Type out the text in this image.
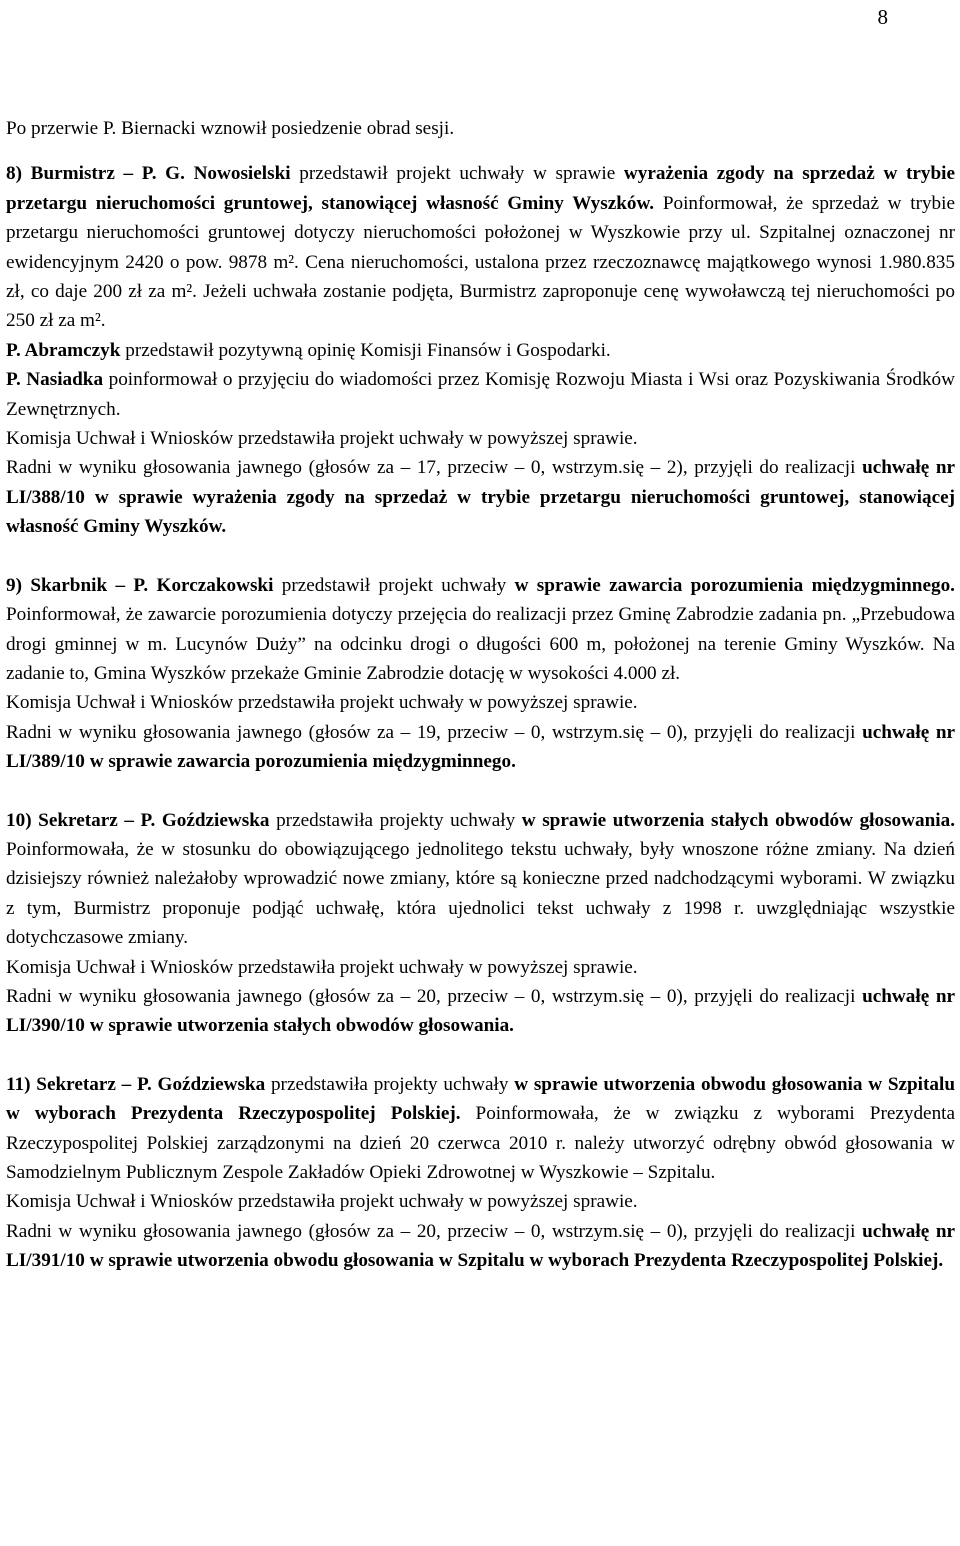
8

Po przerwie P. Biernacki wznowił posiedzenie obrad sesji.

8) Burmistrz – P. G. Nowosielski przedstawił projekt uchwały w sprawie wyrażenia zgody na sprzedaż w trybie przetargu nieruchomości gruntowej, stanowiącej własność Gminy Wyszków. Poinformował, że sprzedaż w trybie przetargu nieruchomości gruntowej dotyczy nieruchomości położonej w Wyszkowie przy ul. Szpitalnej oznaczonej nr ewidencyjnym 2420 o pow. 9878 m². Cena nieruchomości, ustalona przez rzeczoznawcę majątkowego wynosi 1.980.835 zł, co daje 200 zł za m². Jeżeli uchwała zostanie podjęta, Burmistrz zaproponuje cenę wywoławczą tej nieruchomości po 250 zł za m².

P. Abramczyk przedstawił pozytywną opinię Komisji Finansów i Gospodarki.

P. Nasiadka poinformował o przyjęciu do wiadomości przez Komisję Rozwoju Miasta i Wsi oraz Pozyskiwania Środków Zewnętrznych.

Komisja Uchwał i Wniosków przedstawiła projekt uchwały w powyższej sprawie.

Radni w wyniku głosowania jawnego (głosów za – 17, przeciw – 0, wstrzym.się – 2), przyjęli do realizacji uchwałę nr LI/388/10 w sprawie wyrażenia zgody na sprzedaż w trybie przetargu nieruchomości gruntowej, stanowiącej własność Gminy Wyszków.

9) Skarbnik – P. Korczakowski przedstawił projekt uchwały w sprawie zawarcia porozumienia międzygminnego. Poinformował, że zawarcie porozumienia dotyczy przejęcia do realizacji przez Gminę Zabrodzie zadania pn. „Przebudowa drogi gminnej w m. Lucynów Duży” na odcinku drogi o długości 600 m, położonej na terenie Gminy Wyszków. Na zadanie to, Gmina Wyszków przekaże Gminie Zabrodzie dotację w wysokości 4.000 zł.

Komisja Uchwał i Wniosków przedstawiła projekt uchwały w powyższej sprawie.

Radni w wyniku głosowania jawnego (głosów za – 19, przeciw – 0, wstrzym.się – 0), przyjęli do realizacji uchwałę nr LI/389/10 w sprawie zawarcia porozumienia międzygminnego.

10) Sekretarz – P. Goździewska przedstawiła projekty uchwały w sprawie utworzenia stałych obwodów głosowania. Poinformowała, że w stosunku do obowiązującego jednolitego tekstu uchwały, były wnoszone różne zmiany. Na dzień dzisiejszy również należałoby wprowadzić nowe zmiany, które są konieczne przed nadchodzącymi wyborami. W związku z tym, Burmistrz proponuje podjąć uchwałę, która ujednolici tekst uchwały z 1998 r. uwzględniając wszystkie dotychczasowe zmiany.

Komisja Uchwał i Wniosków przedstawiła projekt uchwały w powyższej sprawie.

Radni w wyniku głosowania jawnego (głosów za – 20, przeciw – 0, wstrzym.się – 0), przyjęli do realizacji uchwałę nr LI/390/10 w sprawie utworzenia stałych obwodów głosowania.

11) Sekretarz – P. Goździewska przedstawiła projekty uchwały w sprawie utworzenia obwodu głosowania w Szpitalu w wyborach Prezydenta Rzeczypospolitej Polskiej. Poinformowała, że w związku z wyborami Prezydenta Rzeczypospolitej Polskiej zarządzonymi na dzień 20 czerwca 2010 r. należy utworzyć odrębny obwód głosowania w Samodzielnym Publicznym Zespole Zakładów Opieki Zdrowotnej w Wyszkowie – Szpitalu.

Komisja Uchwał i Wniosków przedstawiła projekt uchwały w powyższej sprawie.

Radni w wyniku głosowania jawnego (głosów za – 20, przeciw – 0, wstrzym.się – 0), przyjęli do realizacji uchwałę nr LI/391/10 w sprawie utworzenia obwodu głosowania w Szpitalu w wyborach Prezydenta Rzeczypospolitej Polskiej.
